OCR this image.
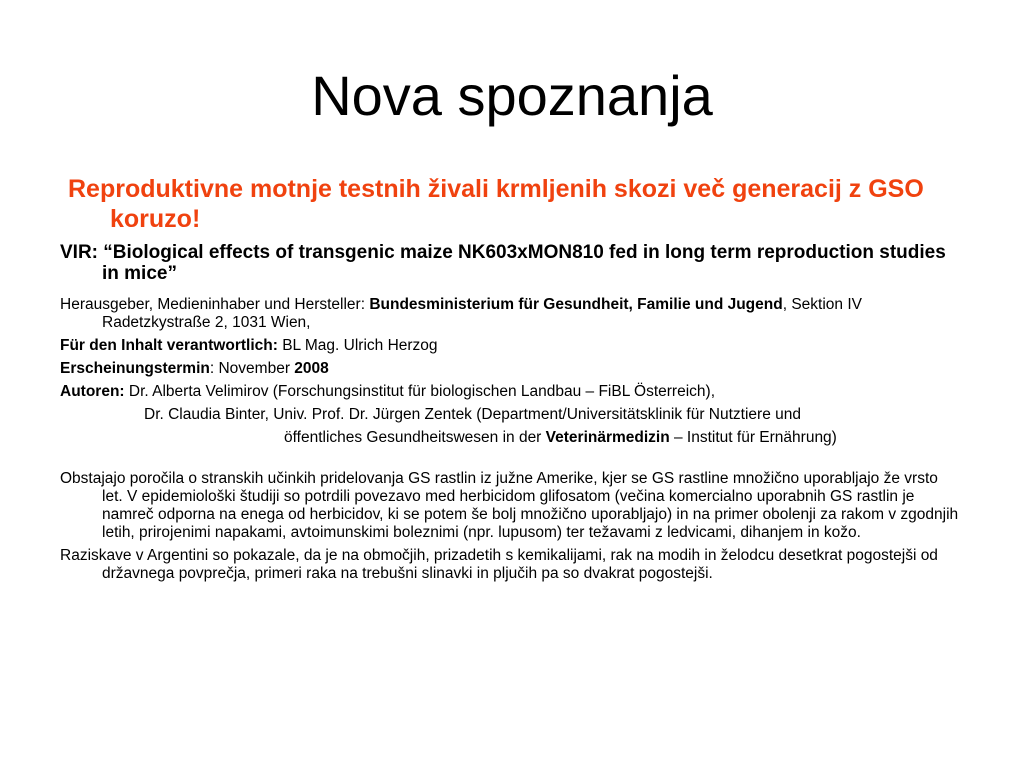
Nova spoznanja

Reproduktivne motnje testnih živali krmljenih skozi več generacij z GSO koruzo!

VIR: “Biological effects of transgenic maize NK603xMON810 fed in long term reproduction studies in mice”

Herausgeber, Medieninhaber und Hersteller: Bundesministerium für Gesundheit, Familie und Jugend, Sektion IV Radetzkystraße 2, 1031 Wien,

Für den Inhalt verantwortlich: BL Mag. Ulrich Herzog

Erscheinungstermin: November 2008

Autoren: Dr. Alberta Velimirov (Forschungsinstitut für biologischen Landbau – FiBL Österreich),

Dr. Claudia Binter, Univ. Prof. Dr. Jürgen Zentek (Department/Universitätsklinik für Nutztiere und

öffentliches Gesundheitswesen in der Veterinärmedizin – Institut für Ernährung)

Obstajajo poročila o stranskih učinkih pridelovanja GS rastlin iz južne Amerike, kjer se GS rastline množično uporabljajo že vrsto let. V epidemiološki študiji so potrdili povezavo med herbicidom glifosatom (večina komercialno uporabnih GS rastlin je namreč odporna na enega od herbicidov, ki se potem še bolj množično uporabljajo) in na primer obolenji za rakom v zgodnjih letih, prirojenimi napakami, avtoimunskimi boleznimi (npr. lupusom) ter težavami z ledvicami, dihanjem in kožo.

Raziskave v Argentini so pokazale, da je na območjih, prizadetih s kemikalijami, rak na modih in želodcu desetkrat pogostejši od državnega povprečja, primeri raka na trebušni slinavki in pljučih pa so dvakrat pogostejši.
